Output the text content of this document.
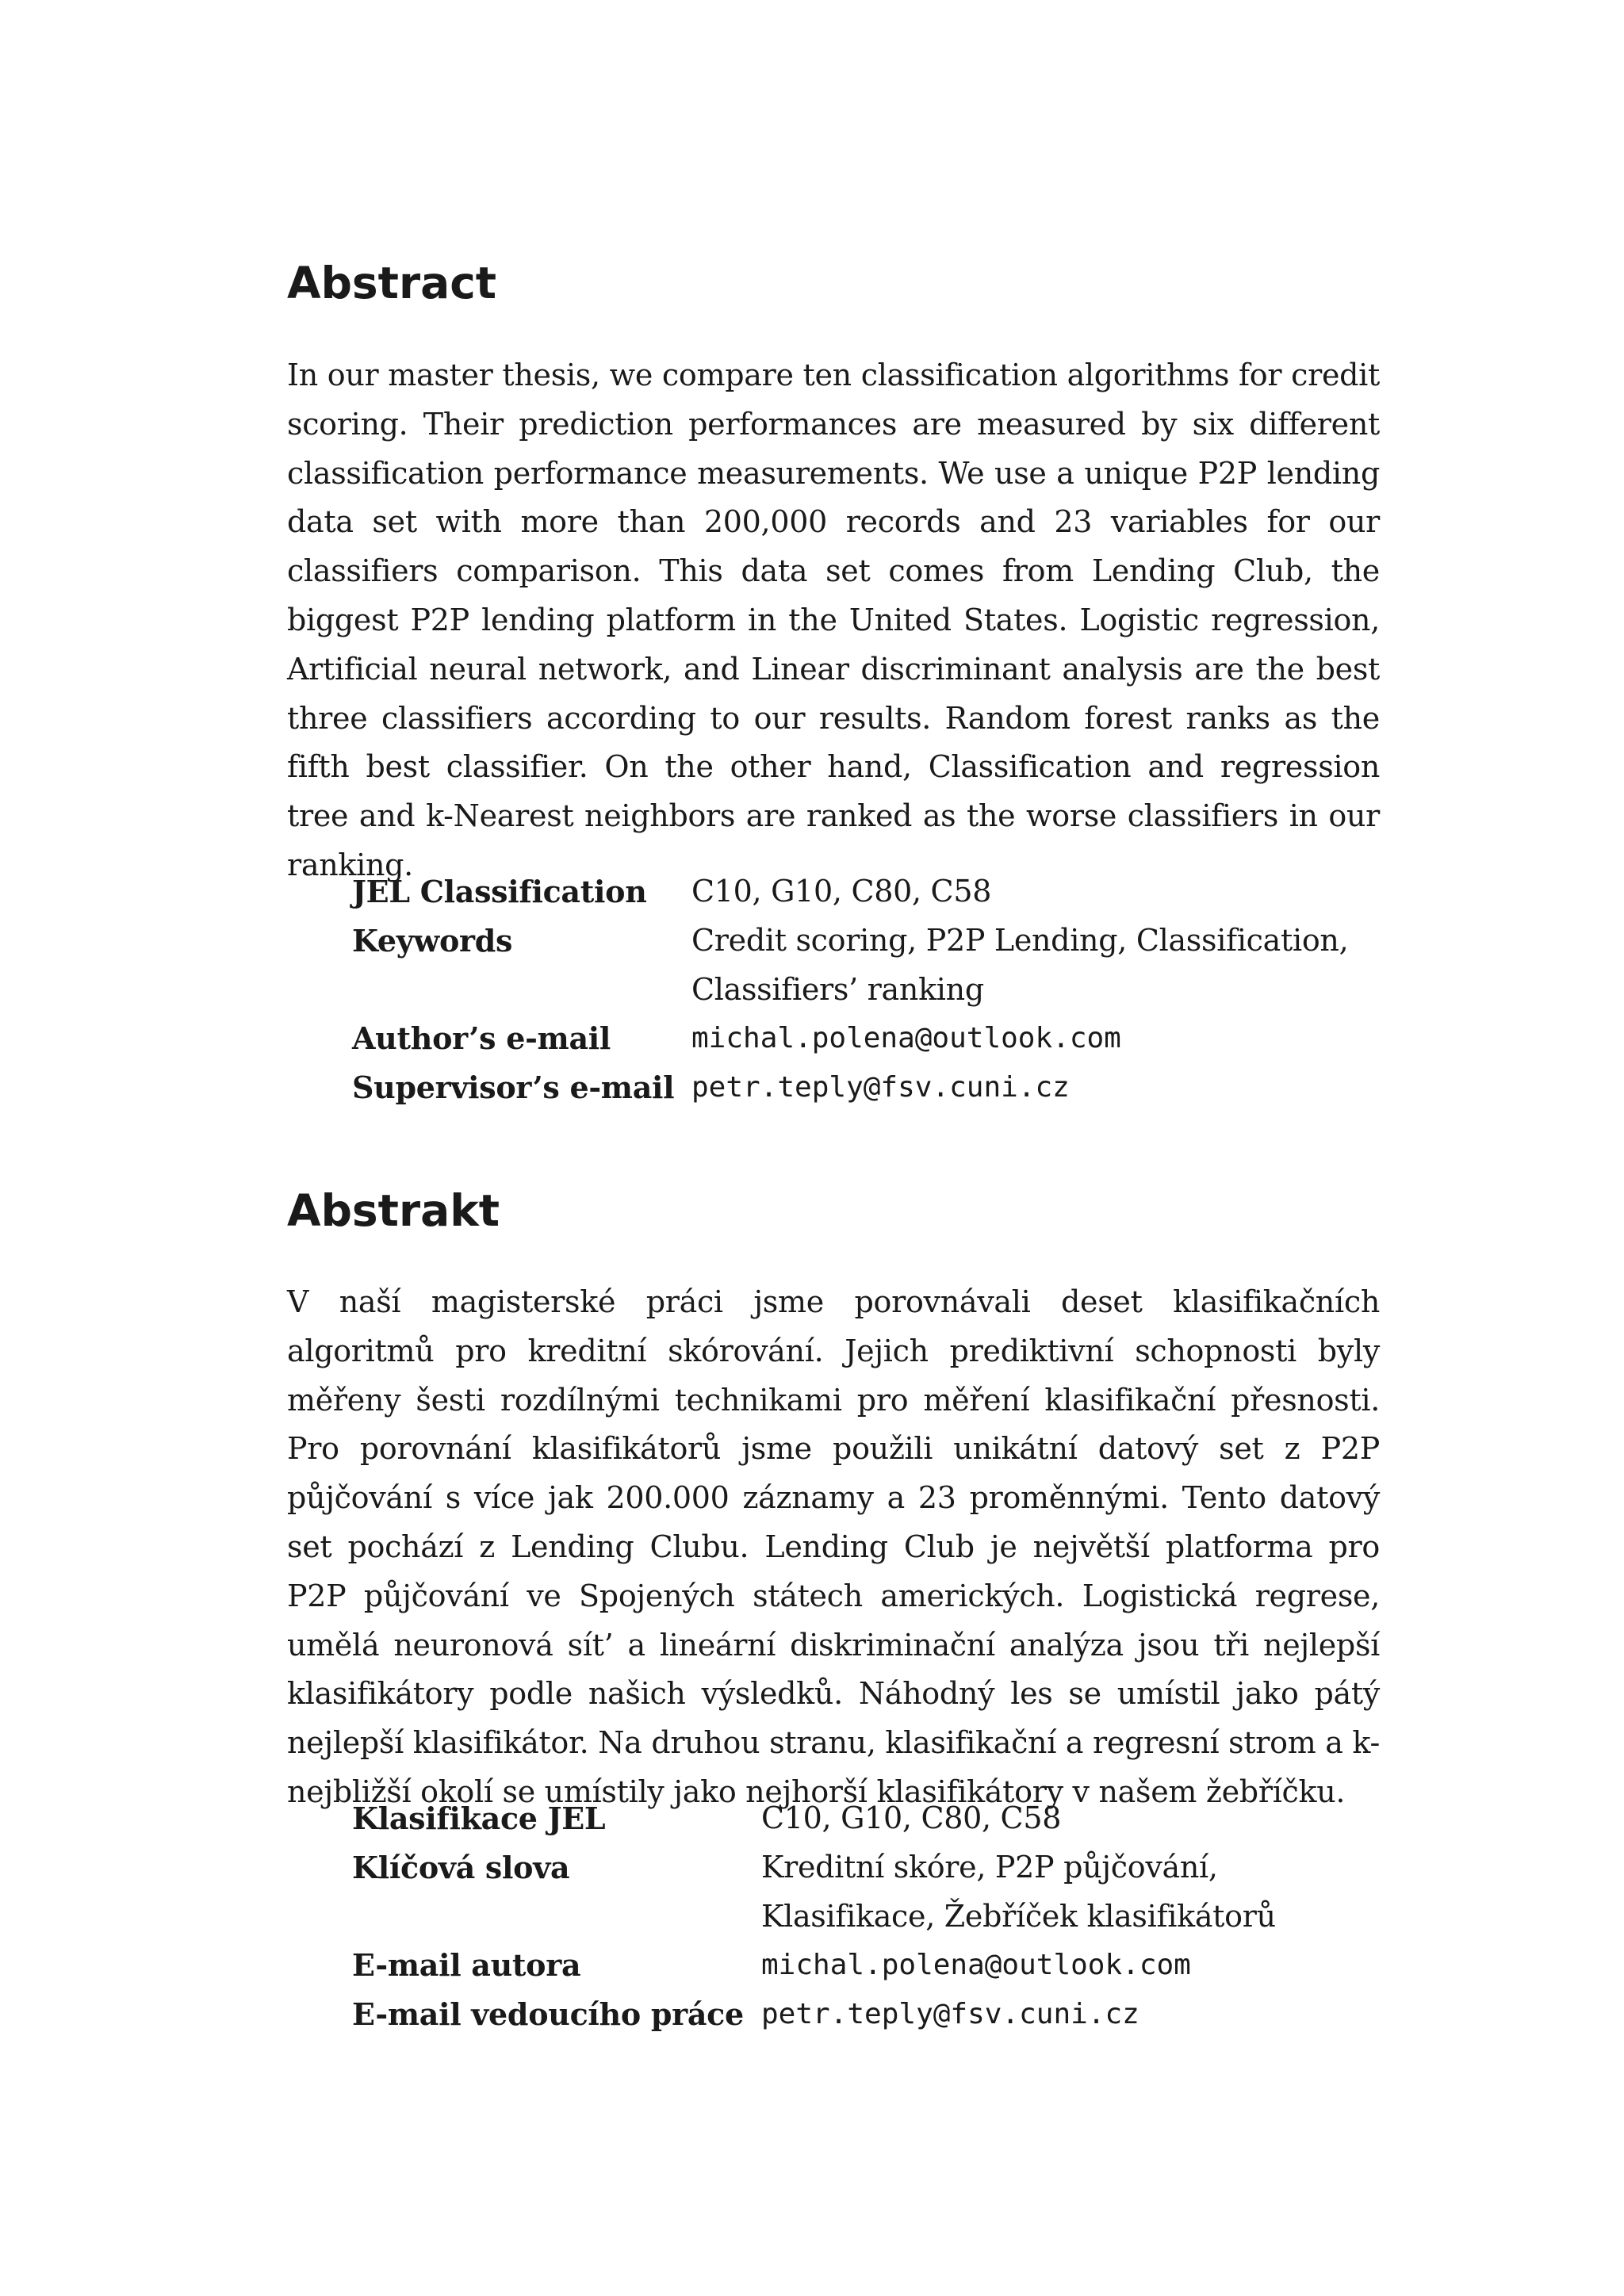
Abstract

In our master thesis, we compare ten classification algorithms for credit scoring. Their prediction performances are measured by six different classification performance measurements. We use a unique P2P lending data set with more than 200,000 records and 23 variables for our classifiers comparison. This data set comes from Lending Club, the biggest P2P lending platform in the United States. Logistic regression, Artificial neural network, and Linear discriminant analysis are the best three classifiers according to our results. Random forest ranks as the fifth best classifier. On the other hand, Classification and regression tree and k-Nearest neighbors are ranked as the worse classifiers in our ranking.

JEL Classification	C10, G10, C80, C58
Keywords	Credit scoring, P2P Lending, Classification, Classifiers’ ranking
Author’s e-mail	michal.polena@outlook.com
Supervisor’s e-mail	petr.teply@fsv.cuni.cz
Abstrakt

V naší magisterské práci jsme porovnávali deset klasifikačních algoritmů pro kreditní skórování. Jejich prediktivní schopnosti byly měřeny šesti rozdílnými technikami pro měření klasifikační přesnosti. Pro porovnání klasifikátorů jsme použili unikátní datový set z P2P půjčování s více jak 200.000 záznamy a 23 proměnnými. Tento datový set pochází z Lending Clubu. Lending Club je největší platforma pro P2P půjčování ve Spojených státech amerických. Logistická regrese, umělá neuronová sít’ a lineární diskriminační analýza jsou tři nejlepší klasifikátory podle našich výsledků. Náhodný les se umístil jako pátý nejlepší klasifikátor. Na druhou stranu, klasifikační a regresní strom a k-nejbližší okolí se umístily jako nejhorší klasifikátory v našem žebříčku.

Klasifikace JEL	C10, G10, C80, C58
Klíčová slova	Kreditní skóre, P2P půjčování, Klasifikace, Žebříček klasifikátorů
E-mail autora	michal.polena@outlook.com
E-mail vedoucího práce	petr.teply@fsv.cuni.cz
